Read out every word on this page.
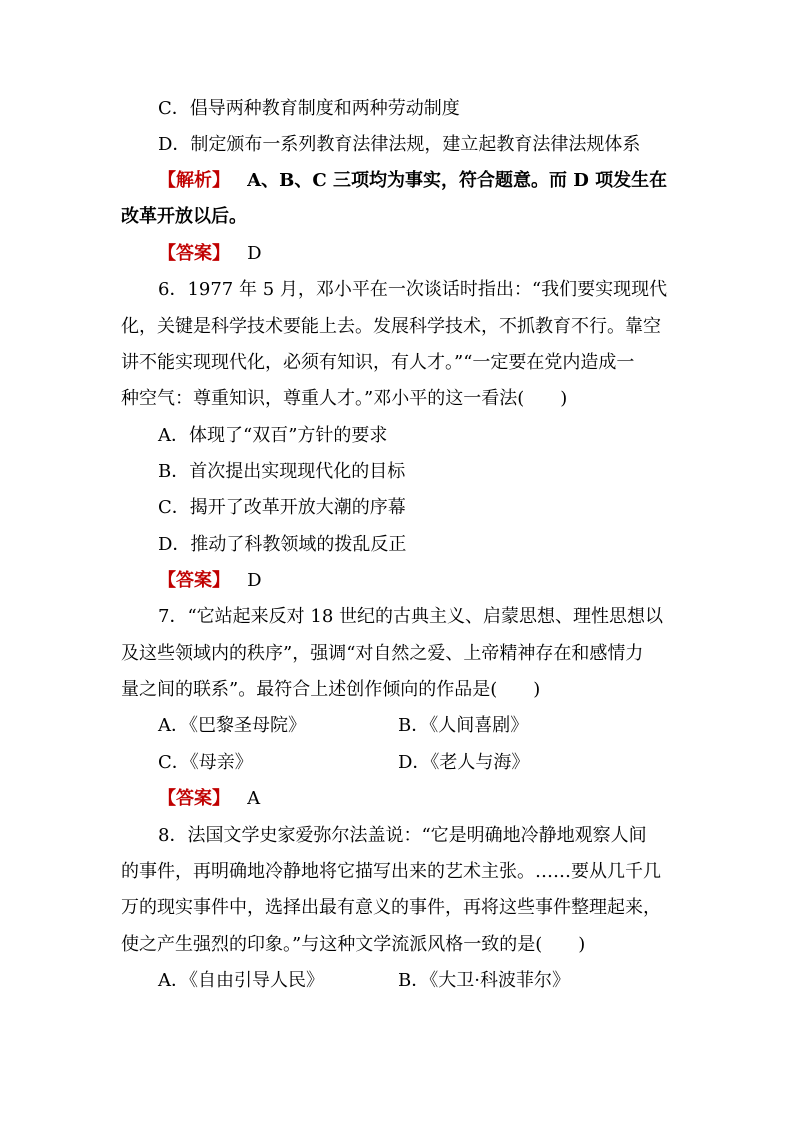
C．倡导两种教育制度和两种劳动制度
D．制定颁布一系列教育法律法规，建立起教育法律法规体系
【解析】 A、B、C 三项均为事实，符合题意。而 D 项发生在
改革开放以后。
【答案】 D
6．1977 年 5 月，邓小平在一次谈话时指出：“我们要实现现代
化，关键是科学技术要能上去。发展科学技术，不抓教育不行。靠空
讲不能实现现代化，必须有知识，有人才。”“一定要在党内造成一
种空气：尊重知识，尊重人才。”邓小平的这一看法(　　)
A．体现了“双百”方针的要求
B．首次提出实现现代化的目标
C．揭开了改革开放大潮的序幕
D．推动了科教领域的拨乱反正
【答案】 D
7．“它站起来反对 18 世纪的古典主义、启蒙思想、理性思想以
及这些领域内的秩序”，强调“对自然之爱、上帝精神存在和感情力
量之间的联系”。最符合上述创作倾向的作品是(　　)
A．《巴黎圣母院》	B．《人间喜剧》
C．《母亲》	D．《老人与海》
【答案】 A
8．法国文学史家爱弥尔法盖说：“它是明确地冷静地观察人间
的事件，再明确地冷静地将它描写出来的艺术主张。……要从几千几
万的现实事件中，选择出最有意义的事件，再将这些事件整理起来，
使之产生强烈的印象。”与这种文学流派风格一致的是(　　)
A．《自由引导人民》	B．《大卫·科波菲尔》
